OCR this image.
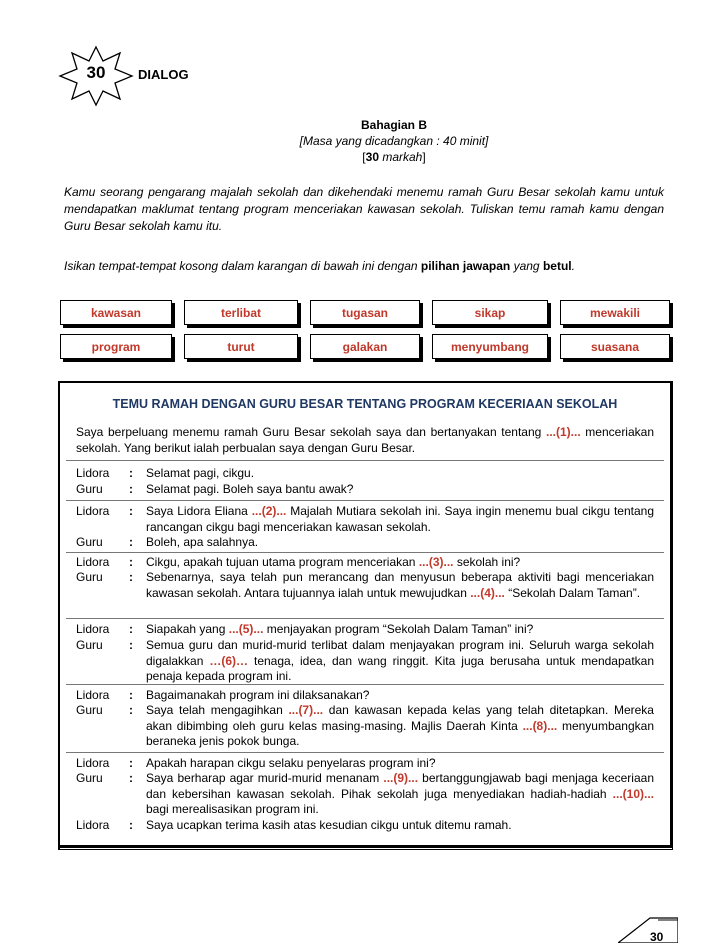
30	DIALOG
Bahagian B
[Masa yang dicadangkan : 40 minit]
[30 markah]
Kamu seorang pengarang majalah sekolah dan dikehendaki menemu ramah Guru Besar sekolah kamu untuk mendapatkan maklumat tentang program menceriakan kawasan sekolah. Tuliskan temu ramah kamu dengan Guru Besar sekolah kamu itu.
Isikan tempat-tempat kosong dalam karangan di bawah ini dengan pilihan jawapan yang betul.
kawasan	terlibat	tugasan	sikap	mewakili
program	turut	galakan	menyumbang	suasana
TEMU RAMAH DENGAN GURU BESAR TENTANG PROGRAM KECERIAAN SEKOLAH
Saya berpeluang menemu ramah Guru Besar sekolah saya dan bertanyakan tentang ...(1)... menceriakan sekolah. Yang berikut ialah perbualan saya dengan Guru Besar.
Lidora	:	Selamat pagi, cikgu.
Guru	:	Selamat pagi. Boleh saya bantu awak?
Lidora	:	Saya Lidora Eliana ...(2)... Majalah Mutiara sekolah ini. Saya ingin menemu bual cikgu tentang rancangan cikgu bagi menceriakan kawasan sekolah.
Guru	:	Boleh, apa salahnya.
Lidora	:	Cikgu, apakah tujuan utama program menceriakan ...(3)... sekolah ini?
Guru	:	Sebenarnya, saya telah pun merancang dan menyusun beberapa aktiviti bagi menceriakan kawasan sekolah. Antara tujuannya ialah untuk mewujudkan ...(4)... “Sekolah Dalam Taman”.
Lidora	:	Siapakah yang ...(5)... menjayakan program “Sekolah Dalam Taman” ini?
Guru	:	Semua guru dan murid-murid terlibat dalam menjayakan program ini. Seluruh warga sekolah digalakkan …(6)… tenaga, idea, dan wang ringgit. Kita juga berusaha untuk mendapatkan penaja kepada program ini.
Lidora	:	Bagaimanakah program ini dilaksanakan?
Guru	:	Saya telah mengagihkan ...(7)... dan kawasan kepada kelas yang telah ditetapkan. Mereka akan dibimbing oleh guru kelas masing-masing. Majlis Daerah Kinta ...(8)... menyumbangkan beraneka jenis pokok bunga.
Lidora	:	Apakah harapan cikgu selaku penyelaras program ini?
Guru	:	Saya berharap agar murid-murid menanam ...(9)... bertanggungjawab bagi menjaga keceriaan dan kebersihan kawasan sekolah. Pihak sekolah juga menyediakan hadiah-hadiah ...(10)... bagi merealisasikan program ini.
Lidora	:	Saya ucapkan terima kasih atas kesudian cikgu untuk ditemu ramah.
30
